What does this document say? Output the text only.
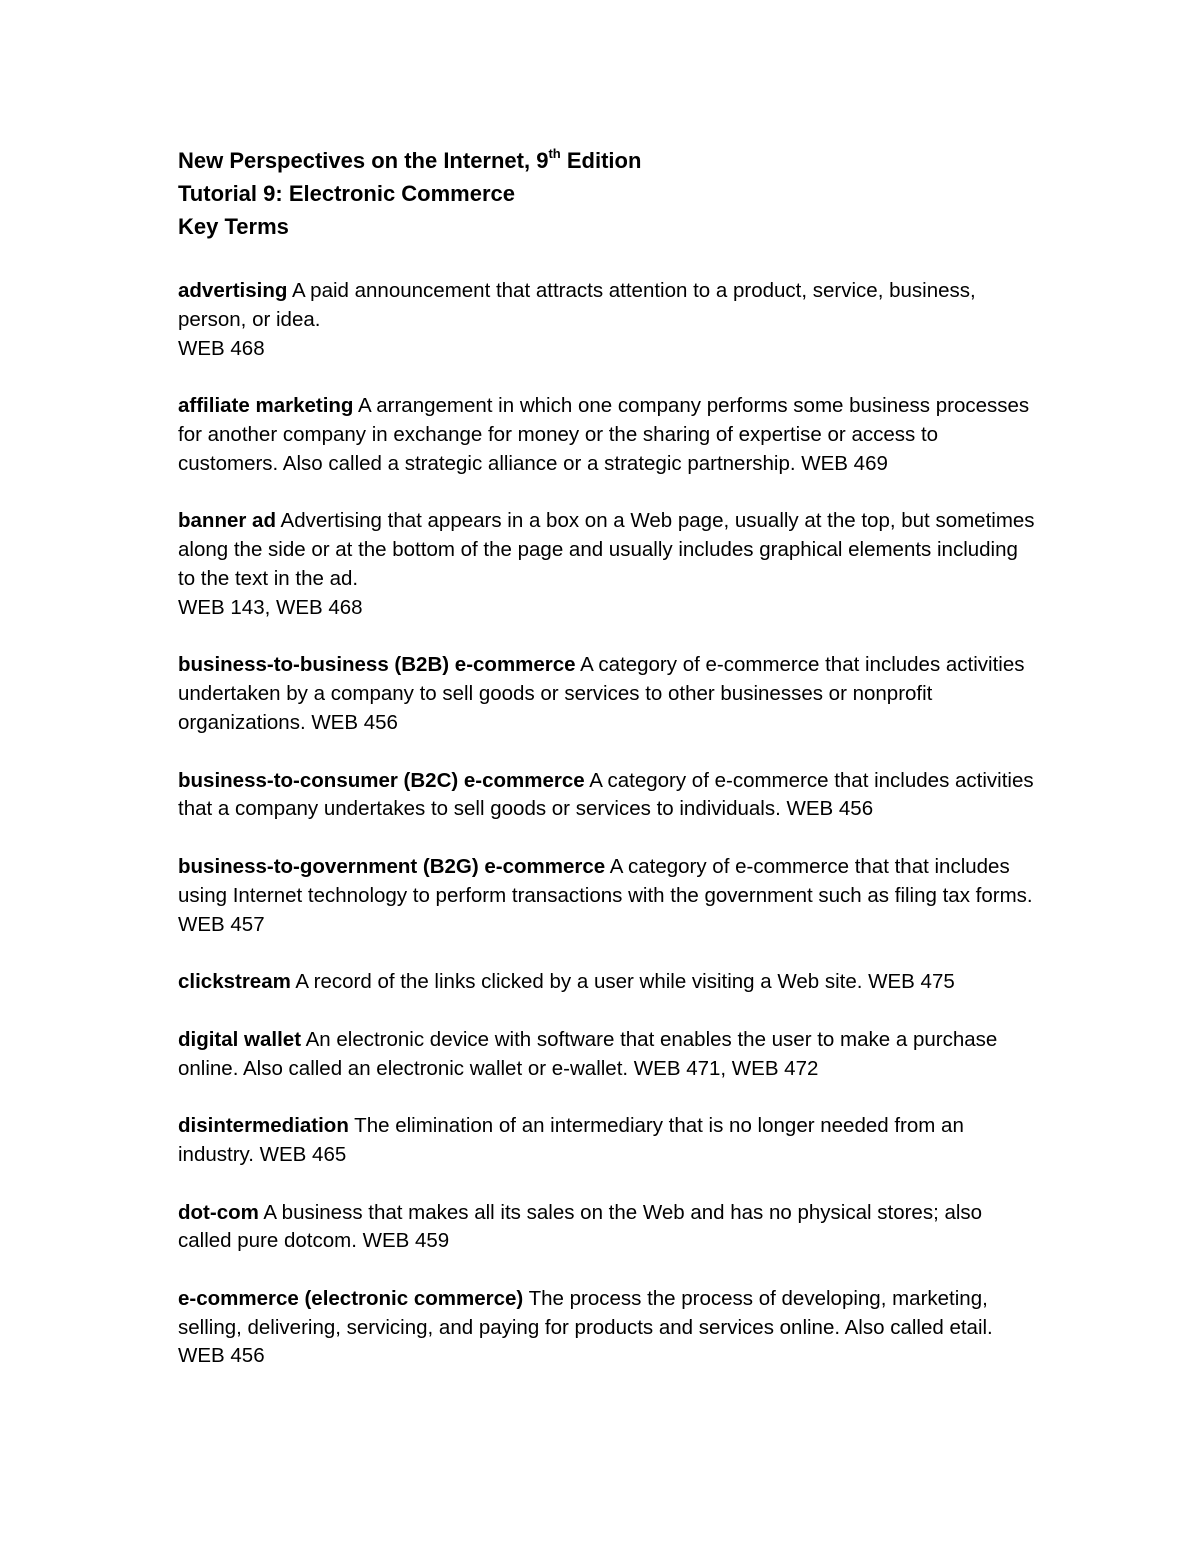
New Perspectives on the Internet, 9th Edition

Tutorial 9: Electronic Commerce

Key Terms

advertising A paid announcement that attracts attention to a product, service, business, person, or idea.
WEB 468

affiliate marketing A arrangement in which one company performs some business processes for another company in exchange for money or the sharing of expertise or access to customers. Also called a strategic alliance or a strategic partnership. WEB 469

banner ad Advertising that appears in a box on a Web page, usually at the top, but sometimes along the side or at the bottom of the page and usually includes graphical elements including to the text in the ad.
WEB 143, WEB 468

business-to-business (B2B) e-commerce A category of e-commerce that includes activities undertaken by a company to sell goods or services to other businesses or nonprofit organizations. WEB 456

business-to-consumer (B2C) e-commerce A category of e-commerce that includes activities that a company undertakes to sell goods or services to individuals. WEB 456

business-to-government (B2G) e-commerce A category of e-commerce that that includes using Internet technology to perform transactions with the government such as filing tax forms. WEB 457

clickstream A record of the links clicked by a user while visiting a Web site. WEB 475

digital wallet An electronic device with software that enables the user to make a purchase online. Also called an electronic wallet or e-wallet. WEB 471, WEB 472

disintermediation The elimination of an intermediary that is no longer needed from an industry. WEB 465

dot-com A business that makes all its sales on the Web and has no physical stores; also called pure dotcom. WEB 459

e-commerce (electronic commerce) The process the process of developing, marketing, selling, delivering, servicing, and paying for products and services online. Also called etail. WEB 456
